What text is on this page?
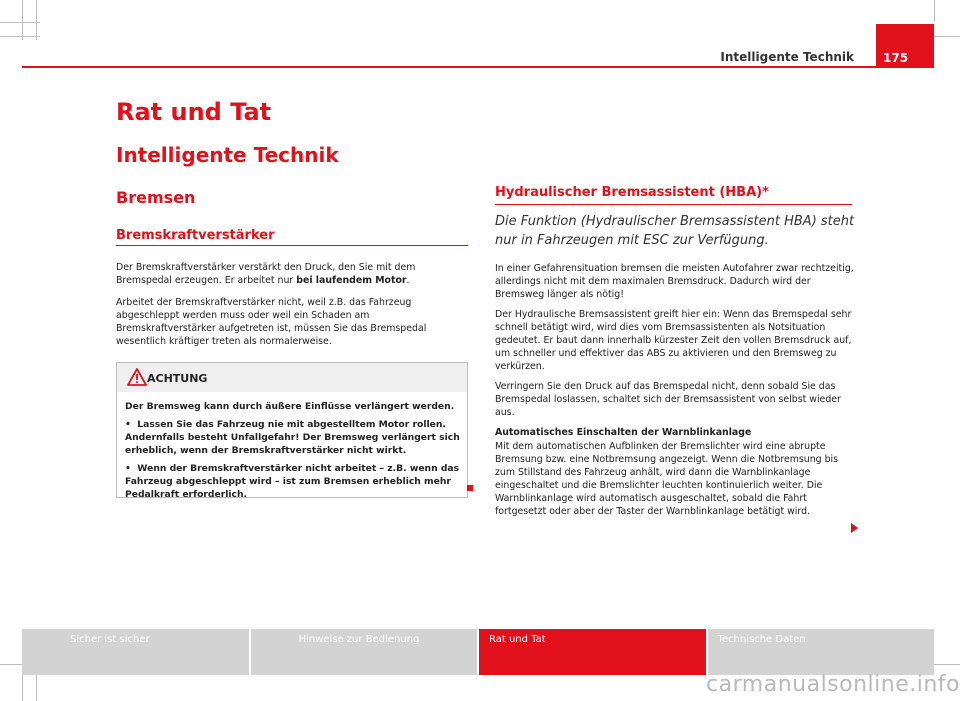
Intelligente Technik 175
Rat und Tat
Intelligente Technik
Bremsen
Bremskraftverstärker

Der Bremskraftverstärker verstärkt den Druck, den Sie mit dem Bremspedal erzeugen. Er arbeitet nur bei laufendem Motor.

Arbeitet der Bremskraftverstärker nicht, weil z.B. das Fahrzeug abgeschleppt werden muss oder weil ein Schaden am Bremskraftverstärker aufgetreten ist, müssen Sie das Bremspedal wesentlich kräftiger treten als normalerweise.

ACHTUNG

Der Bremsweg kann durch äußere Einflüsse verlängert werden.

• Lassen Sie das Fahrzeug nie mit abgestelltem Motor rollen. Andernfalls besteht Unfallgefahr! Der Bremsweg verlängert sich erheblich, wenn der Bremskraftverstärker nicht wirkt.

• Wenn der Bremskraftverstärker nicht arbeitet – z.B. wenn das Fahrzeug abgeschleppt wird – ist zum Bremsen erheblich mehr Pedalkraft erforderlich.

Hydraulischer Bremsassistent (HBA)*
Die Funktion (Hydraulischer Bremsassistent HBA) steht nur in Fahrzeugen mit ESC zur Verfügung.

In einer Gefahrensituation bremsen die meisten Autofahrer zwar rechtzeitig, allerdings nicht mit dem maximalen Bremsdruck. Dadurch wird der Bremsweg länger als nötig!

Der Hydraulische Bremsassistent greift hier ein: Wenn das Bremspedal sehr schnell betätigt wird, wird dies vom Bremsassistenten als Notsituation gedeutet. Er baut dann innerhalb kürzester Zeit den vollen Bremsdruck auf, um schneller und effektiver das ABS zu aktivieren und den Bremsweg zu verkürzen.

Verringern Sie den Druck auf das Bremspedal nicht, denn sobald Sie das Bremspedal loslassen, schaltet sich der Bremsassistent von selbst wieder aus.

Automatisches Einschalten der Warnblinkanlage

Mit dem automatischen Aufblinken der Bremslichter wird eine abrupte Bremsung bzw. eine Notbremsung angezeigt. Wenn die Notbremsung bis zum Stillstand des Fahrzeug anhält, wird dann die Warnblinkanlage eingeschaltet und die Bremslichter leuchten kontinuierlich weiter. Die Warnblinkanlage wird automatisch ausgeschaltet, sobald die Fahrt fortgesetzt oder aber der Taster der Warnblinkanlage betätigt wird.

Sicher ist sicher	Hinweise zur Bedienung	Rat und Tat	Technische Daten
carmanualsonline.info
